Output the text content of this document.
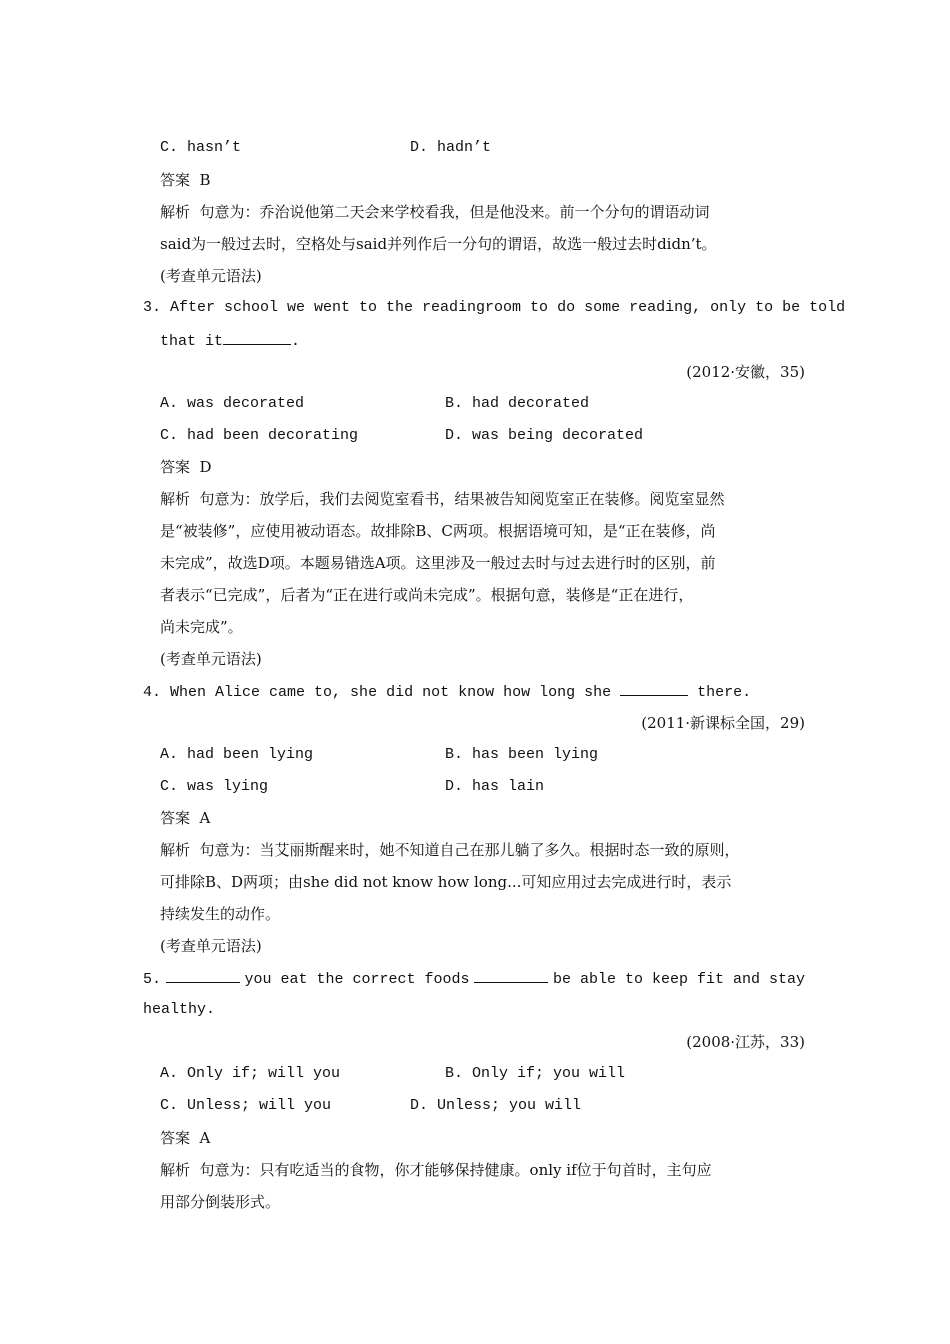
C. hasn’t	D. hadn’t

答案  B

解析  句意为：乔治说他第二天会来学校看我，但是他没来。前一个分句的谓语动词

said为一般过去时，空格处与said并列作后一分句的谓语，故选一般过去时didn’t。

(考查单元语法)

3. After school we went to the readingroom to do some reading, only to be told

that it	.

(2012·安徽，35)

A. was decorated	B. had decorated

C. had been decorating	D. was being decorated

答案  D

解析  句意为：放学后，我们去阅览室看书，结果被告知阅览室正在装修。阅览室显然

是“被装修”，应使用被动语态。故排除B、C两项。根据语境可知，是“正在装修，尚

未完成”，故选D项。本题易错选A项。这里涉及一般过去时与过去进行时的区别，前

者表示“已完成”，后者为“正在进行或尚未完成”。根据句意，装修是“正在进行，

尚未完成”。

(考查单元语法)

4. When Alice came to, she did not know how long she	there.

(2011·新课标全国，29)

A. had been lying	B. has been lying

C. was lying	D. has lain

答案  A

解析  句意为：当艾丽斯醒来时，她不知道自己在那儿躺了多久。根据时态一致的原则，

可排除B、D两项；由she did not know how long...可知应用过去完成进行时，表示

持续发生的动作。

(考查单元语法)

5.	you eat the correct foods	be able to keep fit and stay

healthy.

(2008·江苏，33)

A. Only if; will you	B. Only if; you will

C. Unless; will you	D. Unless; you will

答案  A

解析  句意为：只有吃适当的食物，你才能够保持健康。only if位于句首时，主句应

用部分倒装形式。
